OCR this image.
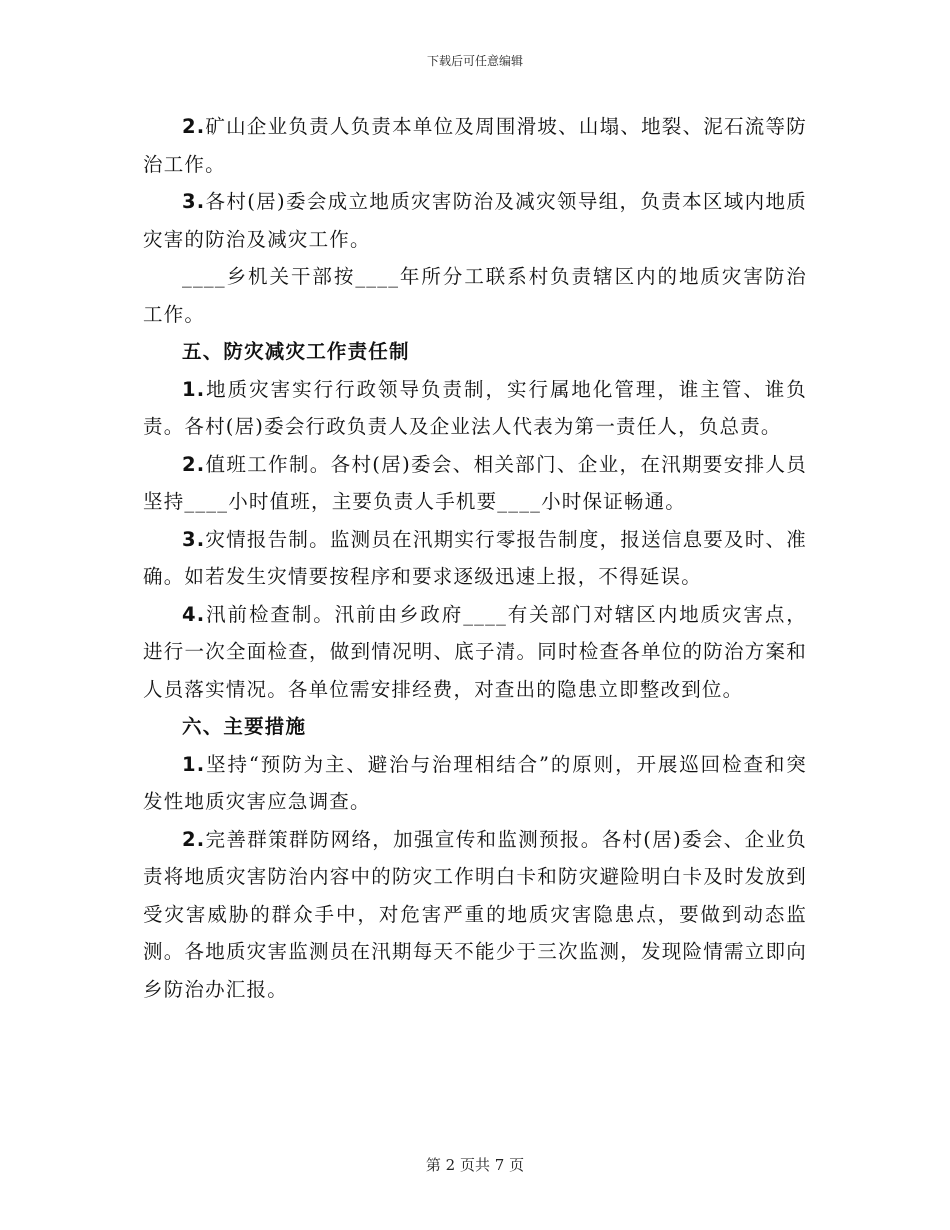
下载后可任意编辑

2.矿山企业负责人负责本单位及周围滑坡、山塌、地裂、泥石流等防治工作。

3.各村(居)委会成立地质灾害防治及减灾领导组，负责本区域内地质灾害的防治及减灾工作。

____乡机关干部按____年所分工联系村负责辖区内的地质灾害防治工作。

五、防灾减灾工作责任制

1.地质灾害实行行政领导负责制，实行属地化管理，谁主管、谁负责。各村(居)委会行政负责人及企业法人代表为第一责任人，负总责。

2.值班工作制。各村(居)委会、相关部门、企业，在汛期要安排人员坚持____小时值班，主要负责人手机要____小时保证畅通。

3.灾情报告制。监测员在汛期实行零报告制度，报送信息要及时、准确。如若发生灾情要按程序和要求逐级迅速上报，不得延误。

4.汛前检查制。汛前由乡政府____有关部门对辖区内地质灾害点，进行一次全面检查，做到情况明、底子清。同时检查各单位的防治方案和人员落实情况。各单位需安排经费，对查出的隐患立即整改到位。

六、主要措施

1.坚持“预防为主、避治与治理相结合”的原则，开展巡回检查和突发性地质灾害应急调查。

2.完善群策群防网络，加强宣传和监测预报。各村(居)委会、企业负责将地质灾害防治内容中的防灾工作明白卡和防灾避险明白卡及时发放到受灾害威胁的群众手中，对危害严重的地质灾害隐患点，要做到动态监测。各地质灾害监测员在汛期每天不能少于三次监测，发现险情需立即向乡防治办汇报。

第 2 页共 7 页
